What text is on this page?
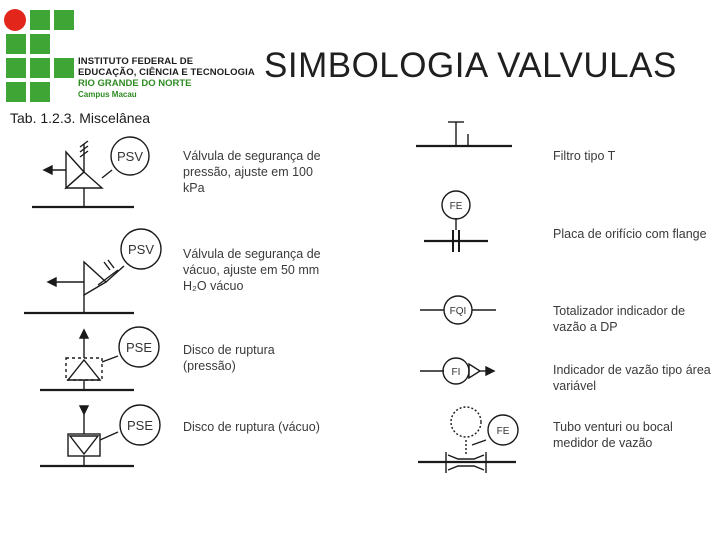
INSTITUTO FEDERAL DE
EDUCAÇÃO, CIÊNCIA E TECNOLOGIA
RIO GRANDE DO NORTE
Campus Macau
SIMBOLOGIA VALVULAS
Tab. 1.2.3. Miscelânea
PSV
PSV
PSE
PSE
FE
FQI
FI
FE
Válvula de segurança de
pressão, ajuste em 100
kPa
Válvula de segurança de
vácuo, ajuste em 50 mm
H₂O vácuo
Disco de ruptura
(pressão)
Disco de ruptura (vácuo)
Filtro tipo T
Placa de orifício com flange
Totalizador indicador de
vazão a DP
Indicador de vazão tipo área
variável
Tubo venturi ou bocal
medidor de vazão
